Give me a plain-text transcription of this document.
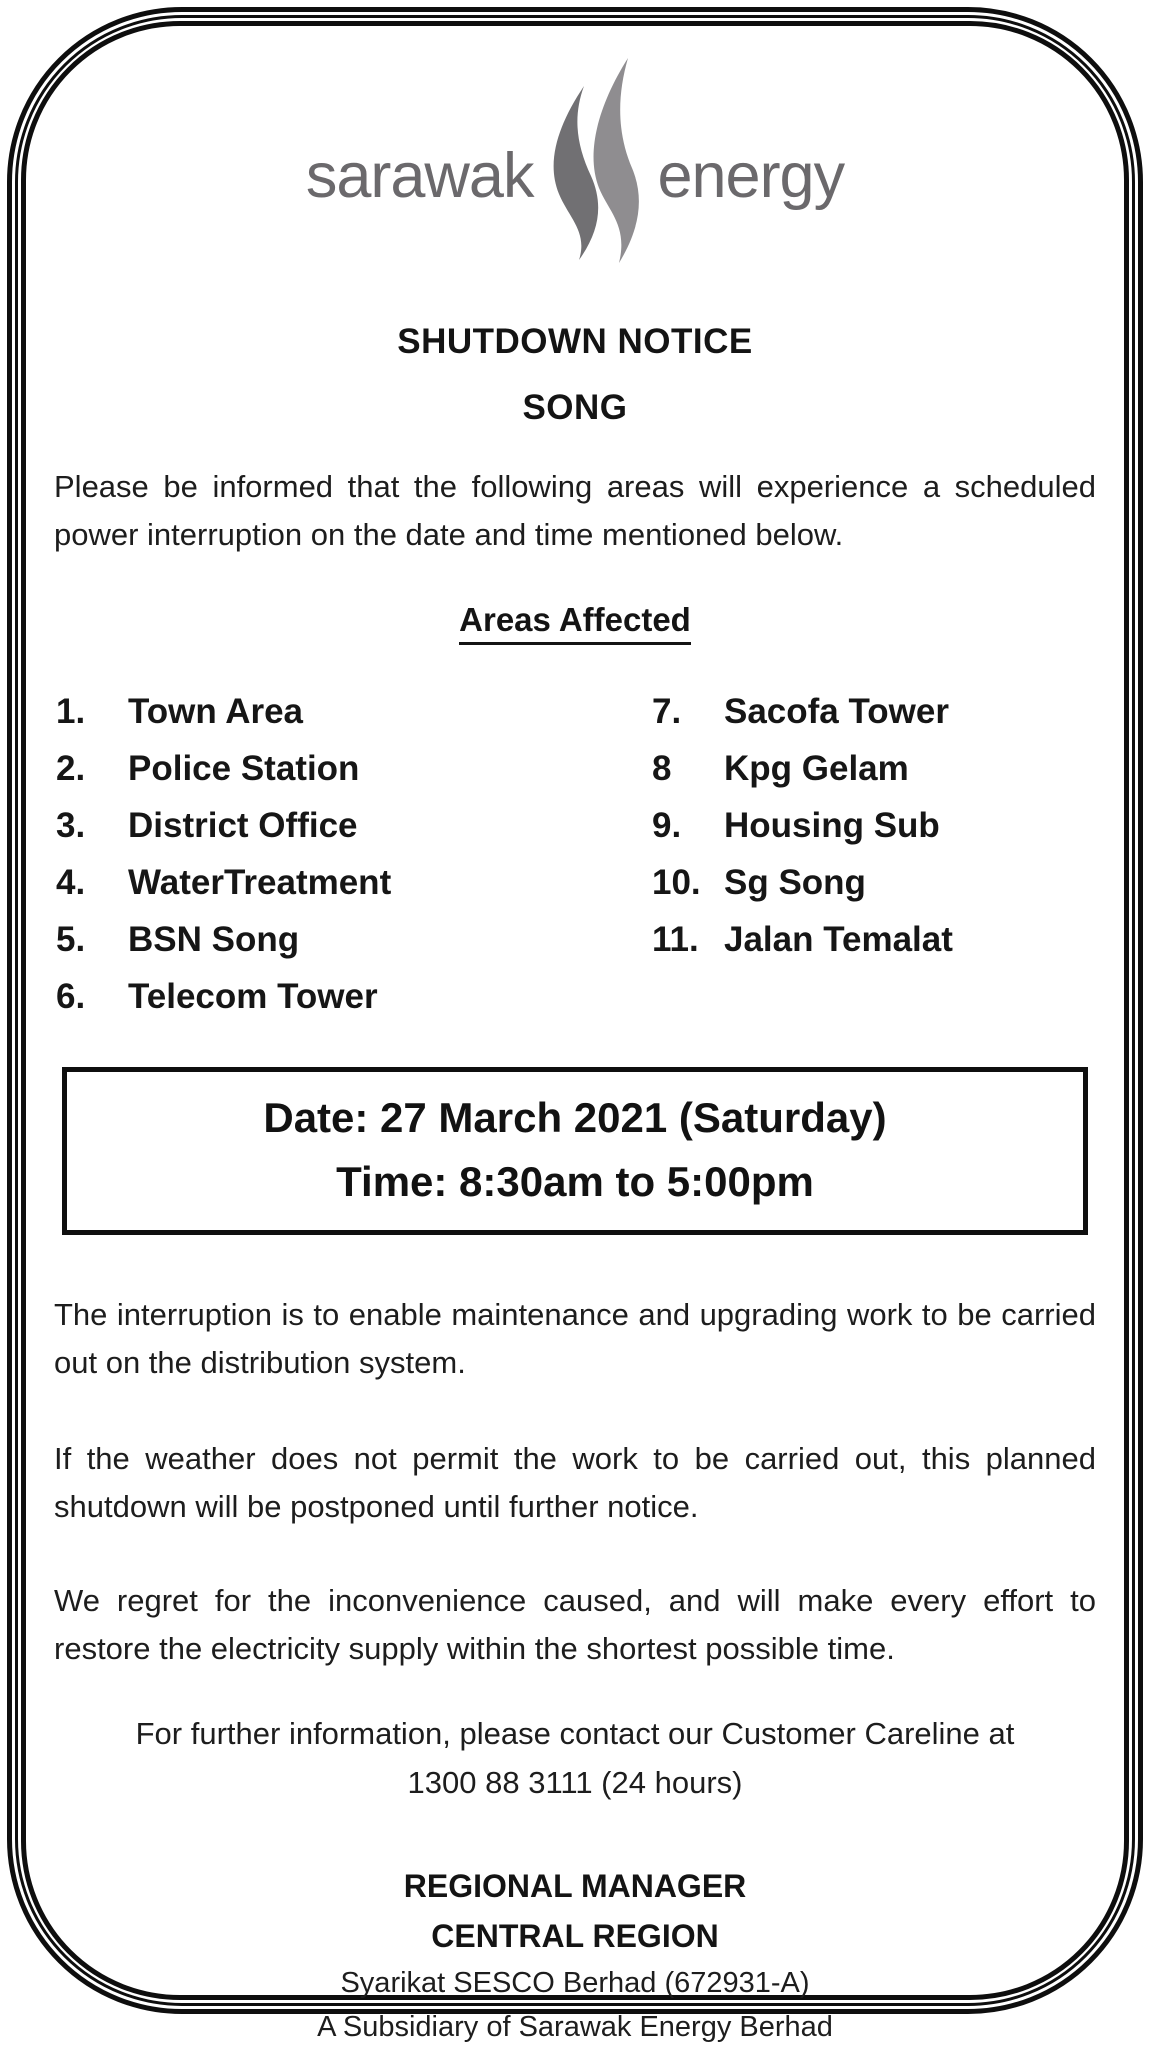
sarawak energy
SHUTDOWN NOTICE
SONG

Please be informed that the following areas will experience a scheduled power interruption on the date and time mentioned below.

Areas Affected
1.	Town Area
2.	Police Station
3.	District Office
4.	WaterTreatment
5.	BSN Song
6.	Telecom Tower
7.	Sacofa Tower
8	Kpg Gelam
9.	Housing Sub
10. Sg Song
11. Jalan Temalat
Date: 27 March 2021 (Saturday)
Time: 8:30am to 5:00pm

The interruption is to enable maintenance and upgrading work to be carried out on the distribution system.

If the weather does not permit the work to be carried out, this planned shutdown will be postponed until further notice.

We regret for the inconvenience caused, and will make every effort to restore the electricity supply within the shortest possible time.

For further information, please contact our Customer Careline at
1300 88 3111 (24 hours)
REGIONAL MANAGER
CENTRAL REGION
Syarikat SESCO Berhad (672931-A)
A Subsidiary of Sarawak Energy Berhad
